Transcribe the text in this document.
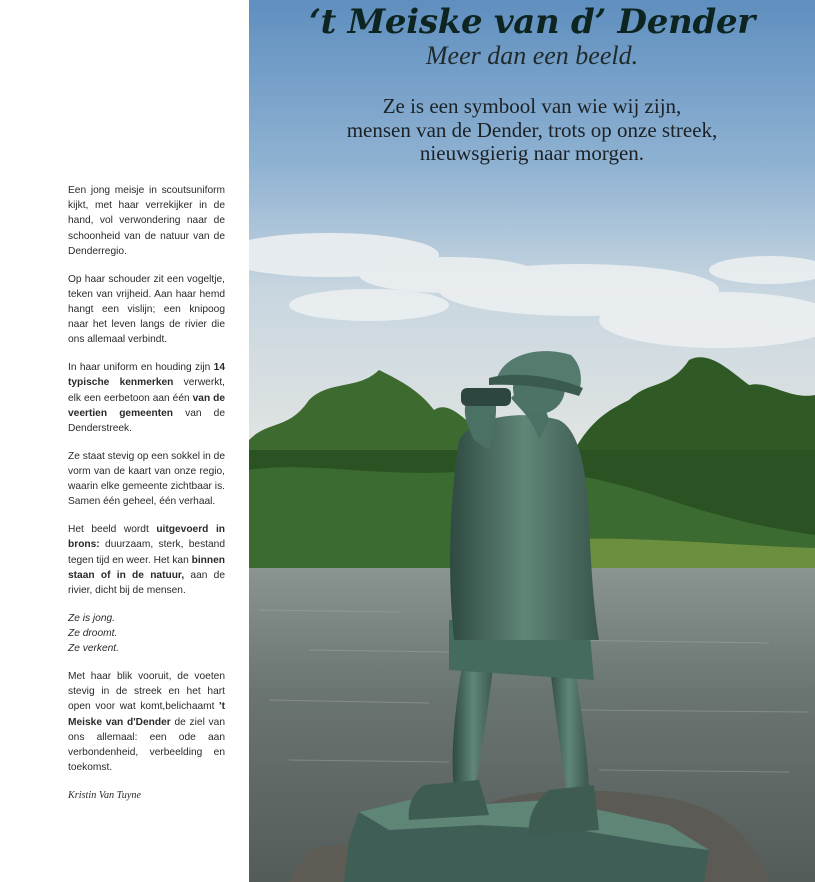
Een jong meisje in scoutsuniform kijkt, met haar verrekijker in de hand, vol verwondering naar de schoonheid van de natuur van de Denderregio.

Op haar schouder zit een vogeltje, teken van vrijheid. Aan haar hemd hangt een vislijn; een knipoog naar het leven langs de rivier die ons allemaal verbindt.

In haar uniform en houding zijn 14 typische kenmerken verwerkt, elk een eerbetoon aan één van de veertien gemeenten van de Denderstreek.

Ze staat stevig op een sokkel in de vorm van de kaart van onze regio, waarin elke gemeente zichtbaar is. Samen één geheel, één verhaal.

Het beeld wordt uitgevoerd in brons: duurzaam, sterk, bestand tegen tijd en weer. Het kan binnen staan of in de natuur, aan de rivier, dicht bij de mensen.

Ze is jong.
Ze droomt.
Ze verkent.

Met haar blik vooruit, de voeten stevig in de streek en het hart open voor wat komt,belichaamt 't Meiske van d'Dender de ziel van ons allemaal: een ode aan verbondenheid, verbeelding en toekomst.

Kristin Van Tuyne

‘t Meiske van d’ Dender
Meer dan een beeld.
Ze is een symbool van wie wij zijn,
mensen van de Dender, trots op onze streek,
nieuwsgierig naar morgen.
